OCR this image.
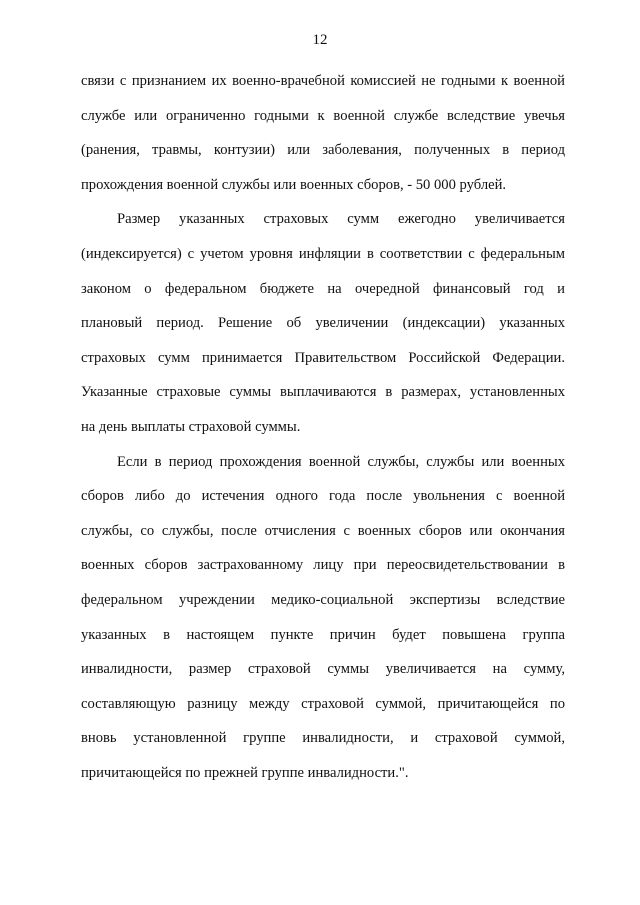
12
связи с признанием их военно-врачебной комиссией не годными к военной
службе или ограниченно годными к военной службе вследствие увечья
(ранения, травмы, контузии) или заболевания, полученных в период
прохождения военной службы или военных сборов, - 50 000 рублей.
Размер указанных страховых сумм ежегодно увеличивается
(индексируется) с учетом уровня инфляции в соответствии с федеральным
законом о федеральном бюджете на очередной финансовый год и
плановый период. Решение об увеличении (индексации) указанных
страховых сумм принимается Правительством Российской Федерации.
Указанные страховые суммы выплачиваются в размерах, установленных
на день выплаты страховой суммы.
Если в период прохождения военной службы, службы или военных
сборов либо до истечения одного года после увольнения с военной
службы, со службы, после отчисления с военных сборов или окончания
военных сборов застрахованному лицу при переосвидетельствовании в
федеральном учреждении медико-социальной экспертизы вследствие
указанных в настоящем пункте причин будет повышена группа
инвалидности, размер страховой суммы увеличивается на сумму,
составляющую разницу между страховой суммой, причитающейся по
вновь установленной группе инвалидности, и страховой суммой,
причитающейся по прежней группе инвалидности.".
